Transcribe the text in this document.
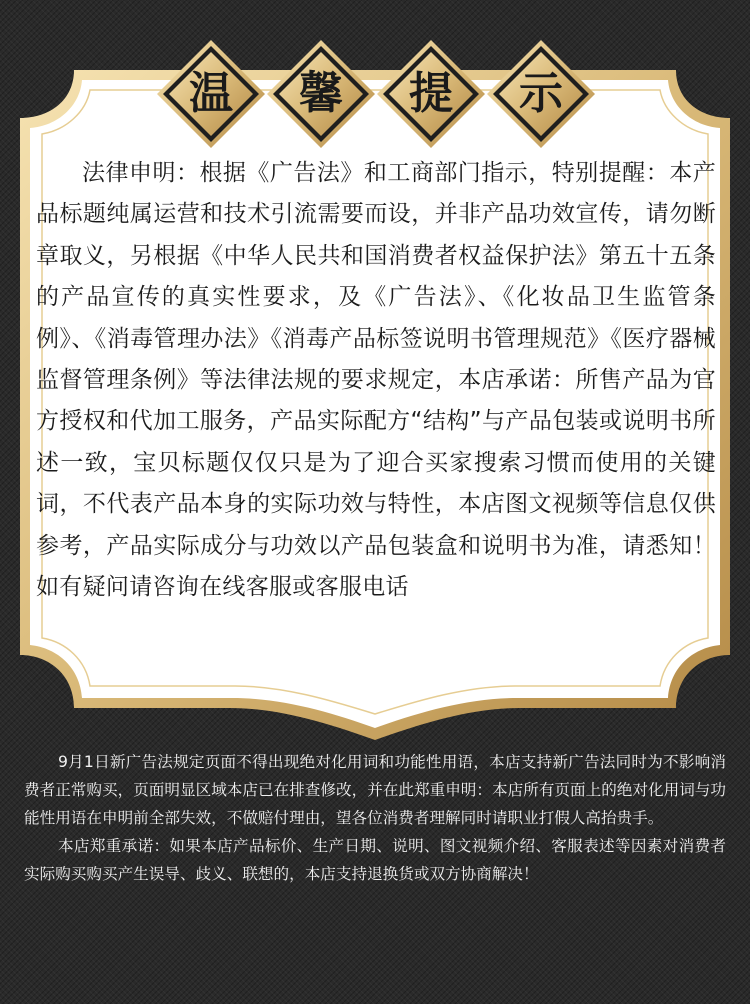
温	馨	提	示
法律申明：根据《广告法》和工商部门指示，特别提醒：本产品标题纯属运营和技术引流需要而设，并非产品功效宣传，请勿断章取义，另根据《中华人民共和国消费者权益保护法》第五十五条的产品宣传的真实性要求，及《广告法》、《化妆品卫生监管条例》、《消毒管理办法》《消毒产品标签说明书管理规范》《医疗器械监督管理条例》等法律法规的要求规定，本店承诺：所售产品为官方授权和代加工服务，产品实际配方“结构”与产品包装或说明书所述一致，宝贝标题仅仅只是为了迎合买家搜索习惯而使用的关键词，不代表产品本身的实际功效与特性，本店图文视频等信息仅供参考，产品实际成分与功效以产品包装盒和说明书为准，请悉知！ 如有疑问请咨询在线客服或客服电话

9月1日新广告法规定页面不得出现绝对化用词和功能性用语，本店支持新广告法同时为不影响消费者正常购买，页面明显区域本店已在排查修改，并在此郑重申明：本店所有页面上的绝对化用词与功能性用语在申明前全部失效，不做赔付理由，望各位消费者理解同时请职业打假人高抬贵手。

本店郑重承诺：如果本店产品标价、生产日期、说明、图文视频介绍、客服表述等因素对消费者实际购买购买产生误导、歧义、联想的，本店支持退换货或双方协商解决！
